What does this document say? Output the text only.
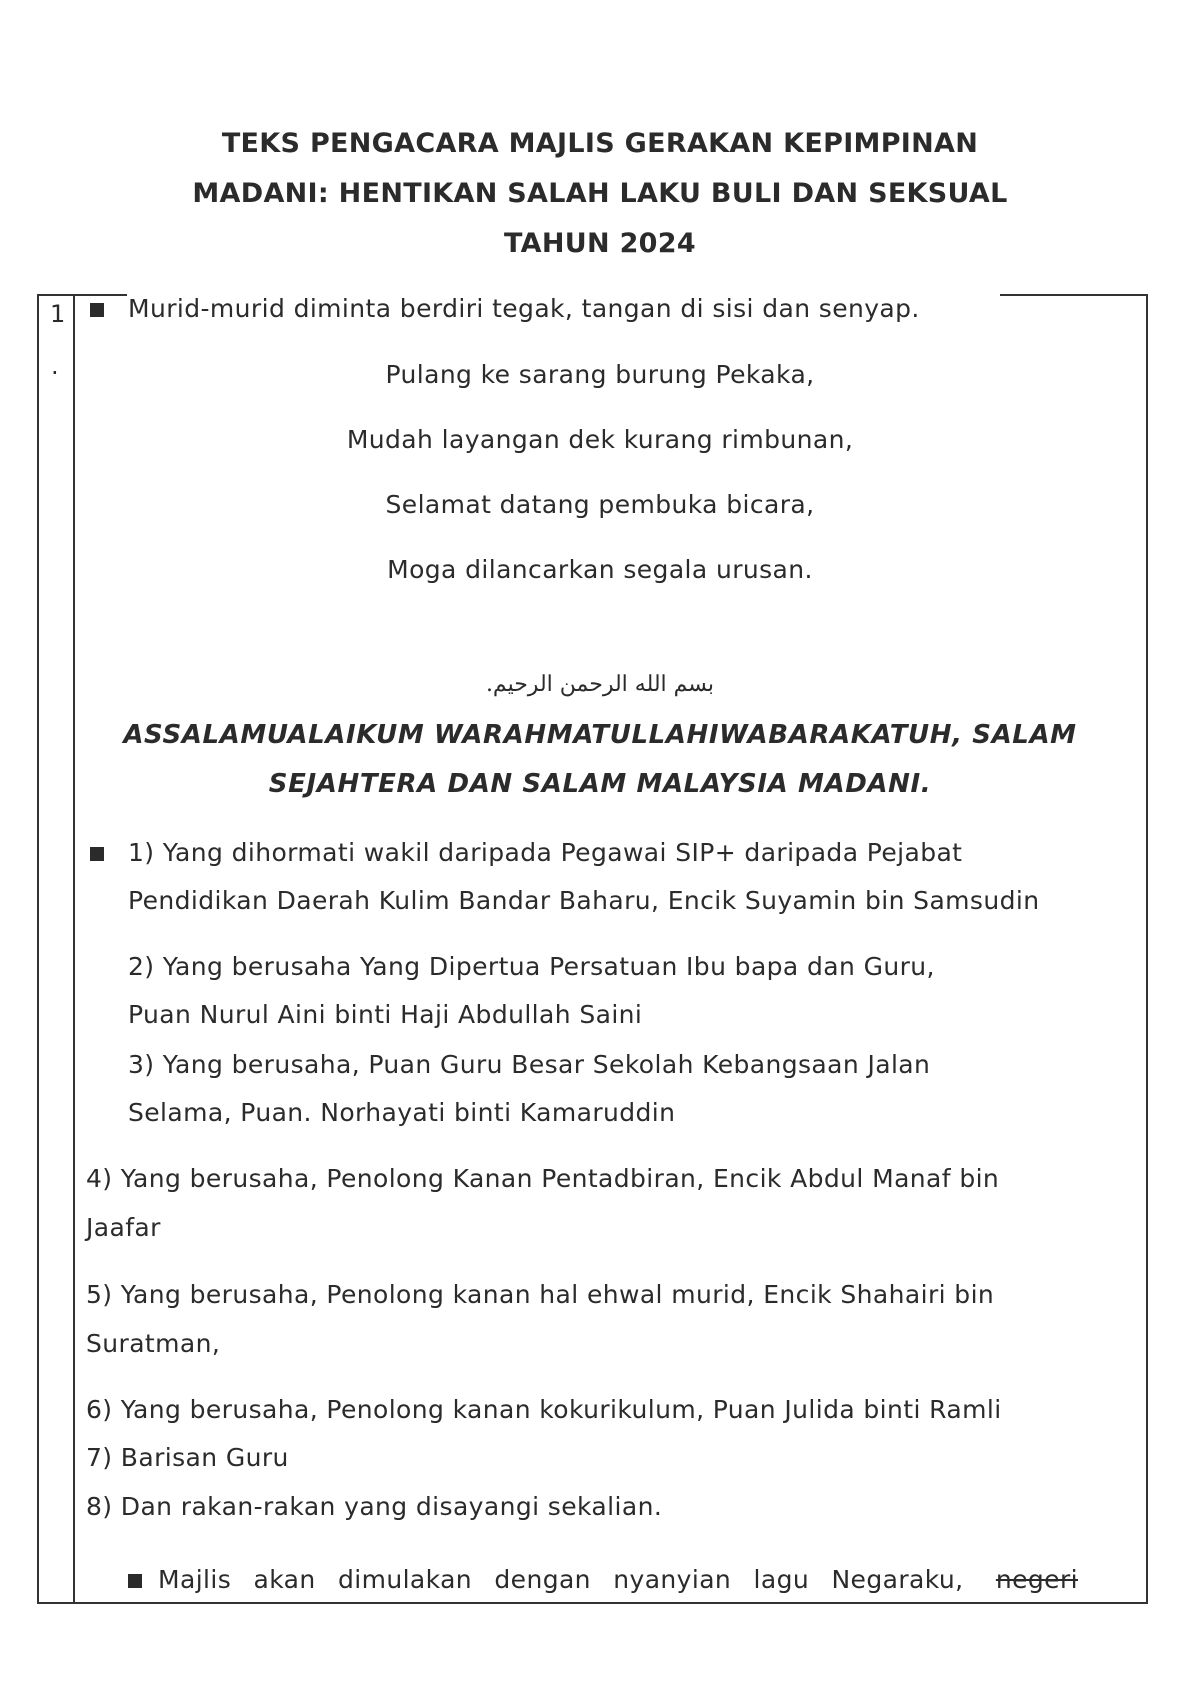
TEKS PENGACARA MAJLIS GERAKAN KEPIMPINAN
MADANI: HENTIKAN SALAH LAKU BULI DAN SEKSUAL
TAHUN 2024
1
.
Murid-murid diminta berdiri tegak, tangan di sisi dan senyap.
Pulang ke sarang burung Pekaka,
Mudah layangan dek kurang rimbunan,
Selamat datang pembuka bicara,
Moga dilancarkan segala urusan.
بسم الله الرحمن الرحيم.
ASSALAMUALAIKUM WARAHMATULLAHIWABARAKATUH, SALAM
SEJAHTERA DAN SALAM MALAYSIA MADANI.
1) Yang dihormati wakil daripada Pegawai SIP+ daripada Pejabat
Pendidikan Daerah Kulim Bandar Baharu, Encik Suyamin bin Samsudin
2) Yang berusaha Yang Dipertua Persatuan Ibu bapa dan Guru,
Puan Nurul Aini binti Haji Abdullah Saini
3) Yang berusaha, Puan Guru Besar Sekolah Kebangsaan Jalan
Selama, Puan. Norhayati binti Kamaruddin
4) Yang berusaha, Penolong Kanan Pentadbiran, Encik Abdul Manaf bin
Jaafar
5) Yang berusaha, Penolong kanan hal ehwal murid, Encik Shahairi bin
Suratman,
6) Yang berusaha, Penolong kanan kokurikulum, Puan Julida binti Ramli
7) Barisan Guru
8) Dan rakan-rakan yang disayangi sekalian.
Majlis akan dimulakan dengan nyanyian lagu Negaraku,	negeri
